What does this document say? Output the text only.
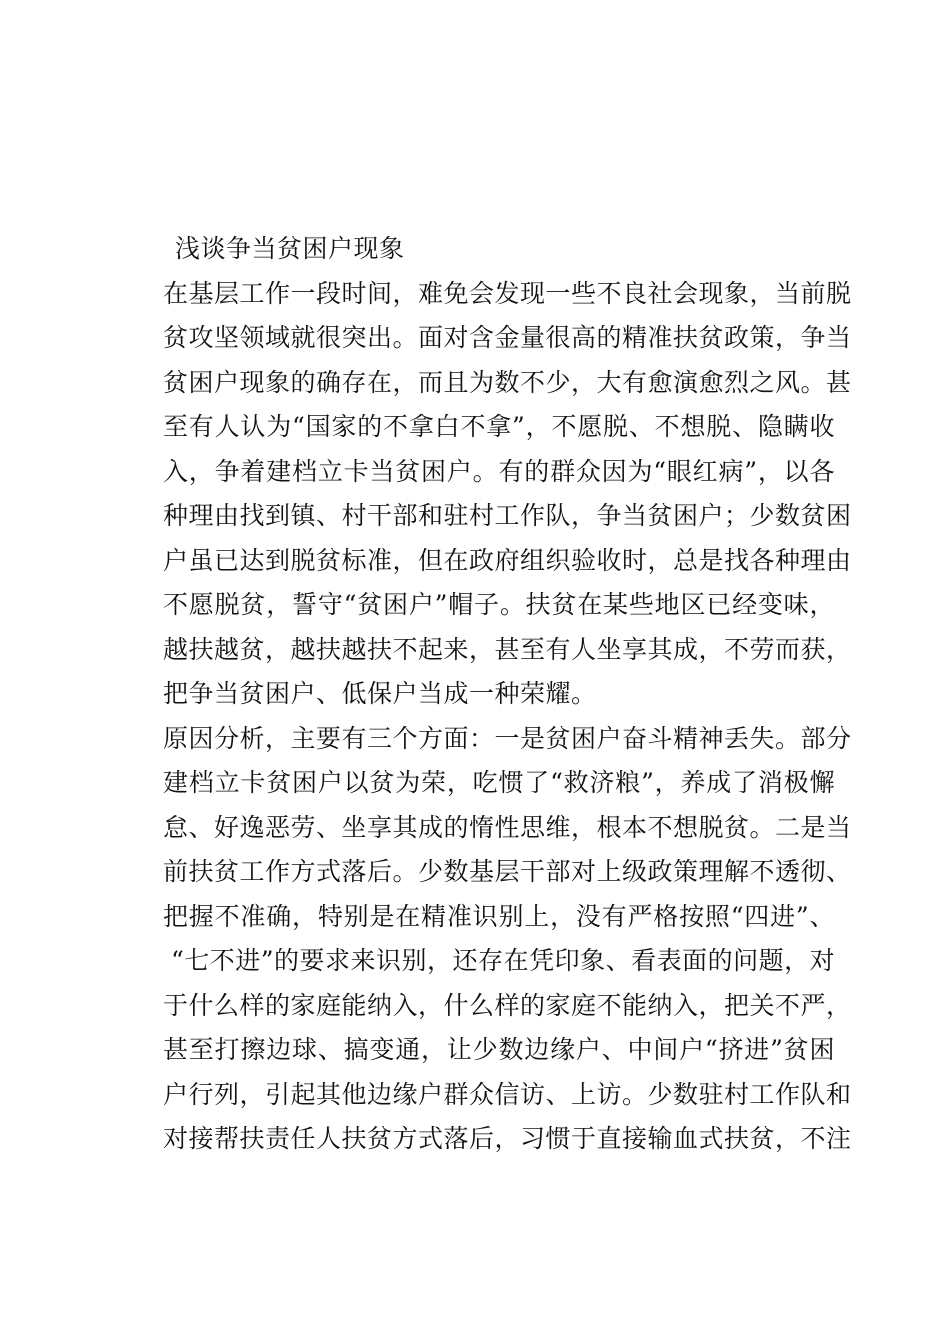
浅谈争当贫困户现象
在基层工作一段时间，难免会发现一些不良社会现象，当前脱
贫攻坚领域就很突出。面对含金量很高的精准扶贫政策，争当
贫困户现象的确存在，而且为数不少，大有愈演愈烈之风。甚
至有人认为“国家的不拿白不拿”，不愿脱、不想脱、隐瞒收
入，争着建档立卡当贫困户。有的群众因为“眼红病”，以各
种理由找到镇、村干部和驻村工作队，争当贫困户；少数贫困
户虽已达到脱贫标准，但在政府组织验收时，总是找各种理由
不愿脱贫，誓守“贫困户”帽子。扶贫在某些地区已经变味，
越扶越贫，越扶越扶不起来，甚至有人坐享其成，不劳而获，
把争当贫困户、低保户当成一种荣耀。
原因分析，主要有三个方面：一是贫困户奋斗精神丢失。部分
建档立卡贫困户以贫为荣，吃惯了“救济粮”，养成了消极懈
怠、好逸恶劳、坐享其成的惰性思维，根本不想脱贫。二是当
前扶贫工作方式落后。少数基层干部对上级政策理解不透彻、
把握不准确，特别是在精准识别上，没有严格按照“四进”、
“七不进”的要求来识别，还存在凭印象、看表面的问题，对
于什么样的家庭能纳入，什么样的家庭不能纳入，把关不严，
甚至打擦边球、搞变通，让少数边缘户、中间户“挤进”贫困
户行列，引起其他边缘户群众信访、上访。少数驻村工作队和
对接帮扶责任人扶贫方式落后，习惯于直接输血式扶贫，不注
